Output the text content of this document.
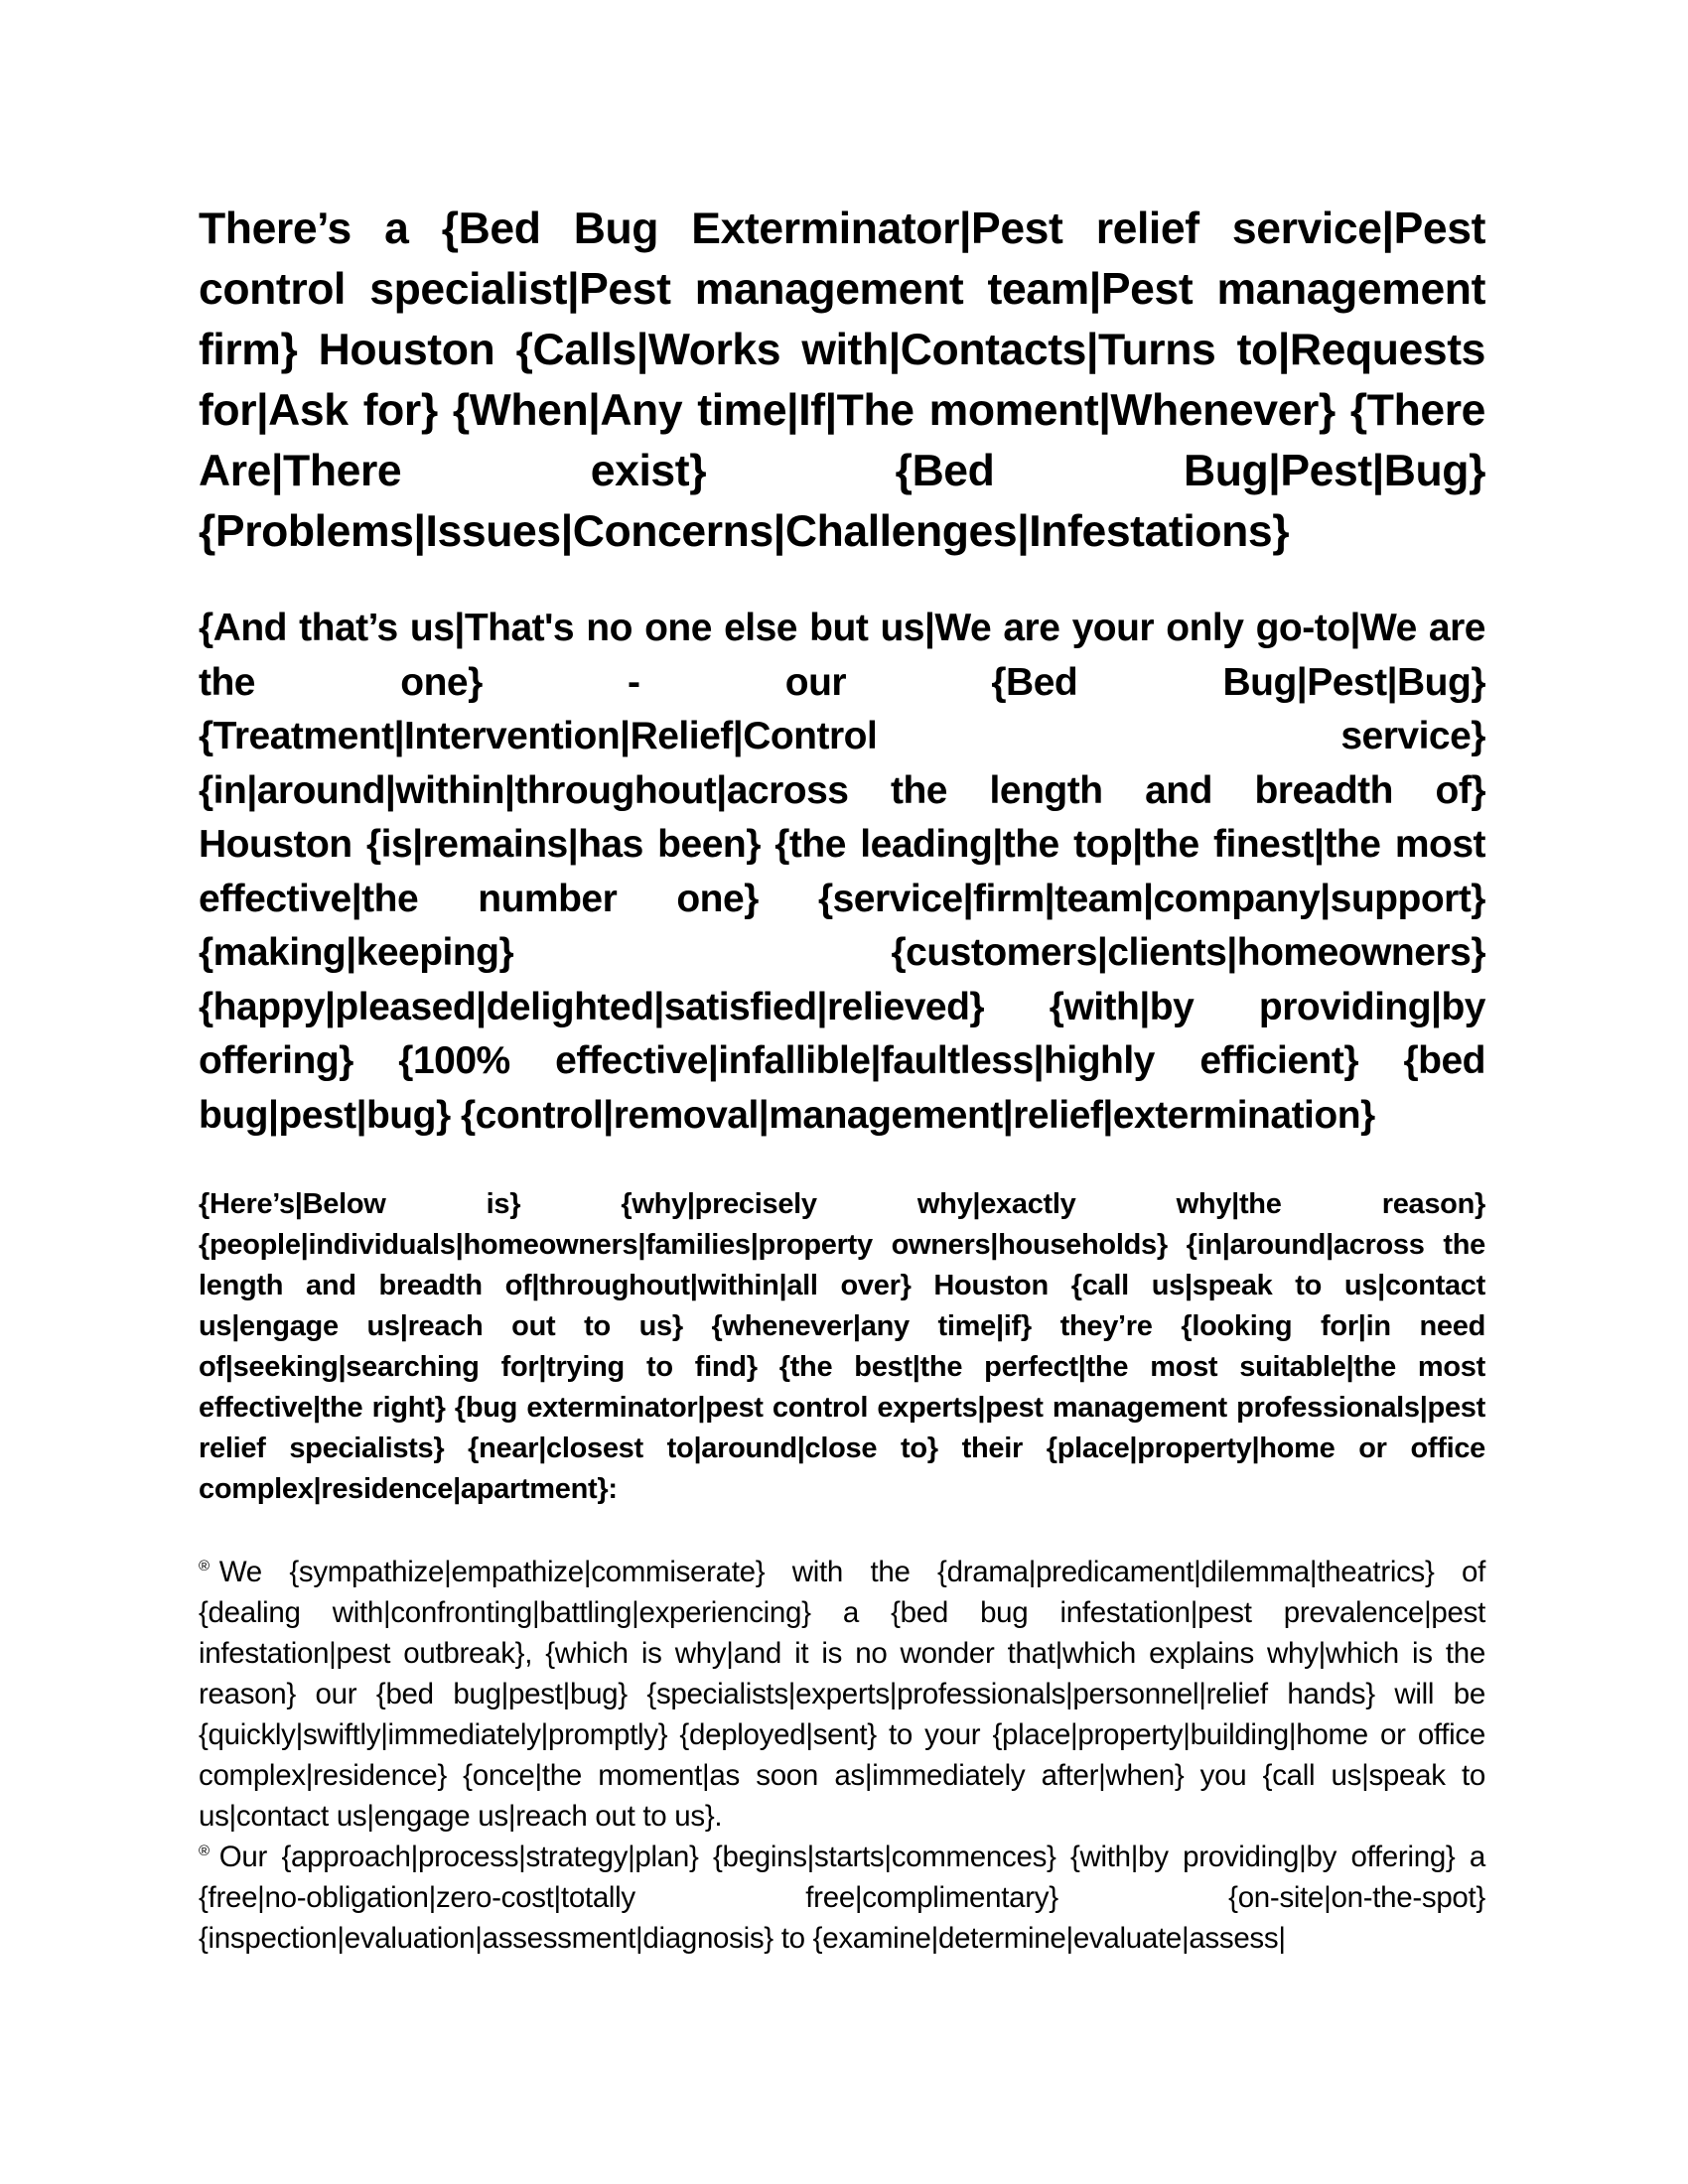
There’s a {Bed Bug Exterminator|Pest relief service|Pest control specialist|Pest management team|Pest management firm} Houston {Calls|Works with|Contacts|Turns to|Requests for|Ask for} {When|Any time|If|The moment|Whenever} {There Are|There exist} {Bed Bug|Pest|Bug} {Problems|Issues|Concerns|Challenges|Infestations}

{And that’s us|That's no one else but us|We are your only go-to|We are the one} - our {Bed Bug|Pest|Bug} {Treatment|Intervention|Relief|Control service} {in|around|within|throughout|across the length and breadth of} Houston {is|remains|has been} {the leading|the top|the finest|the most effective|the number one} {service|firm|team|company|support} {making|keeping} {customers|clients|homeowners} {happy|pleased|delighted|satisfied|relieved} {with|by providing|by offering} {100% effective|infallible|faultless|highly efficient} {bed bug|pest|bug} {control|removal|management|relief|extermination}

{Here’s|Below is} {why|precisely why|exactly why|the reason} {people|individuals|homeowners|families|property owners|households} {in|around|across the length and breadth of|throughout|within|all over} Houston {call us|speak to us|contact us|engage us|reach out to us} {whenever|any time|if} they’re {looking for|in need of|seeking|searching for|trying to find} {the best|the perfect|the most suitable|the most effective|the right} {bug exterminator|pest control experts|pest management professionals|pest relief specialists} {near|closest to|around|close to} their {place|property|home or office complex|residence|apartment}:

® We {sympathize|empathize|commiserate} with the {drama|predicament|dilemma|theatrics} of {dealing with|confronting|battling|experiencing} a {bed bug infestation|pest prevalence|pest infestation|pest outbreak}, {which is why|and it is no wonder that|which explains why|which is the reason} our {bed bug|pest|bug} {specialists|experts|professionals|personnel|relief hands} will be {quickly|swiftly|immediately|promptly} {deployed|sent} to your {place|property|building|home or office complex|residence} {once|the moment|as soon as|immediately after|when} you {call us|speak to us|contact us|engage us|reach out to us}.
® Our {approach|process|strategy|plan} {begins|starts|commences} {with|by providing|by offering} a {free|no-obligation|zero-cost|totally free|complimentary} {on-site|on-the-spot} {inspection|evaluation|assessment|diagnosis} to {examine|determine|evaluate|assess|
